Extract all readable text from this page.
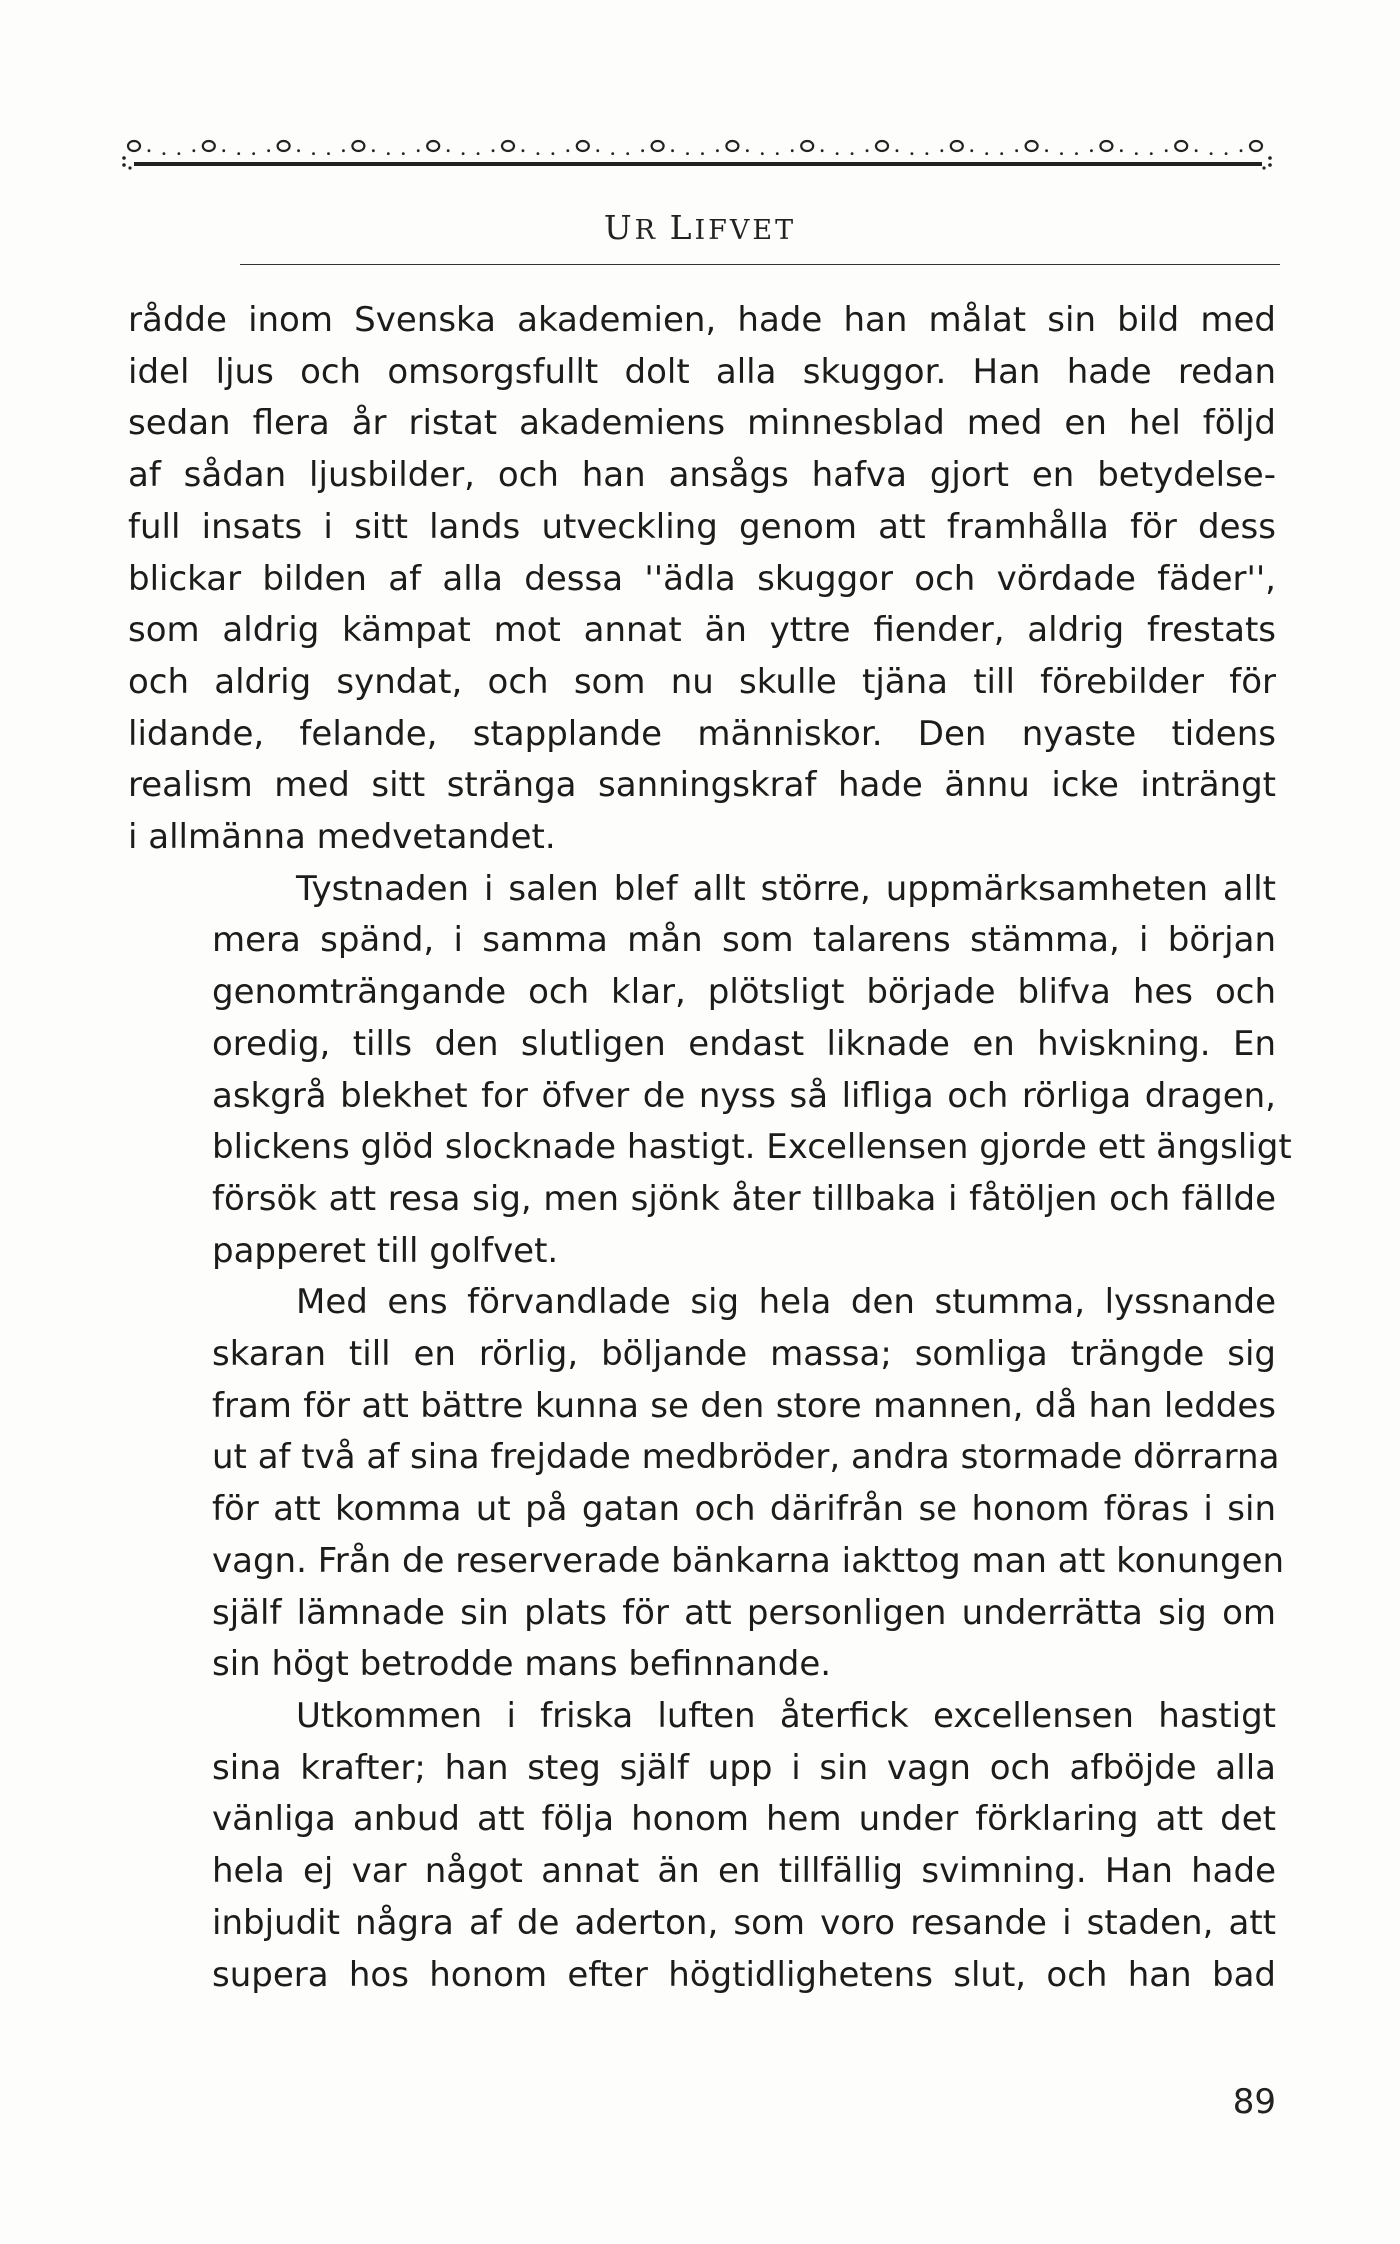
UR LIFVET

rådde inom Svenska akademien, hade han målat sin bild med
idel ljus och omsorgsfullt dolt alla skuggor. Han hade redan
sedan flera år ristat akademiens minnesblad med en hel följd
af sådan ljusbilder, och han ansågs hafva gjort en betydelse-
full insats i sitt lands utveckling genom att framhålla för dess
blickar bilden af alla dessa ''ädla skuggor och vördade fäder'',
som aldrig kämpat mot annat än yttre fiender, aldrig frestats
och aldrig syndat, och som nu skulle tjäna till förebilder för
lidande, felande, stapplande människor. Den nyaste tidens
realism med sitt stränga sanningskraf hade ännu icke inträngt
i allmänna medvetandet.

Tystnaden i salen blef allt större, uppmärksamheten allt
mera spänd, i samma mån som talarens stämma, i början
genomträngande och klar, plötsligt började blifva hes och
oredig, tills den slutligen endast liknade en hviskning. En
askgrå blekhet for öfver de nyss så lifliga och rörliga dragen,
blickens glöd slocknade hastigt. Excellensen gjorde ett ängsligt
försök att resa sig, men sjönk åter tillbaka i fåtöljen och fällde
papperet till golfvet.

Med ens förvandlade sig hela den stumma, lyssnande
skaran till en rörlig, böljande massa; somliga trängde sig
fram för att bättre kunna se den store mannen, då han leddes
ut af två af sina frejdade medbröder, andra stormade dörrarna
för att komma ut på gatan och därifrån se honom föras i sin
vagn. Från de reserverade bänkarna iakttog man att konungen
själf lämnade sin plats för att personligen underrätta sig om
sin högt betrodde mans befinnande.

Utkommen i friska luften återfick excellensen hastigt
sina krafter; han steg själf upp i sin vagn och afböjde alla
vänliga anbud att följa honom hem under förklaring att det
hela ej var något annat än en tillfällig svimning. Han hade
inbjudit några af de aderton, som voro resande i staden, att
supera hos honom efter högtidlighetens slut, och han bad

89
